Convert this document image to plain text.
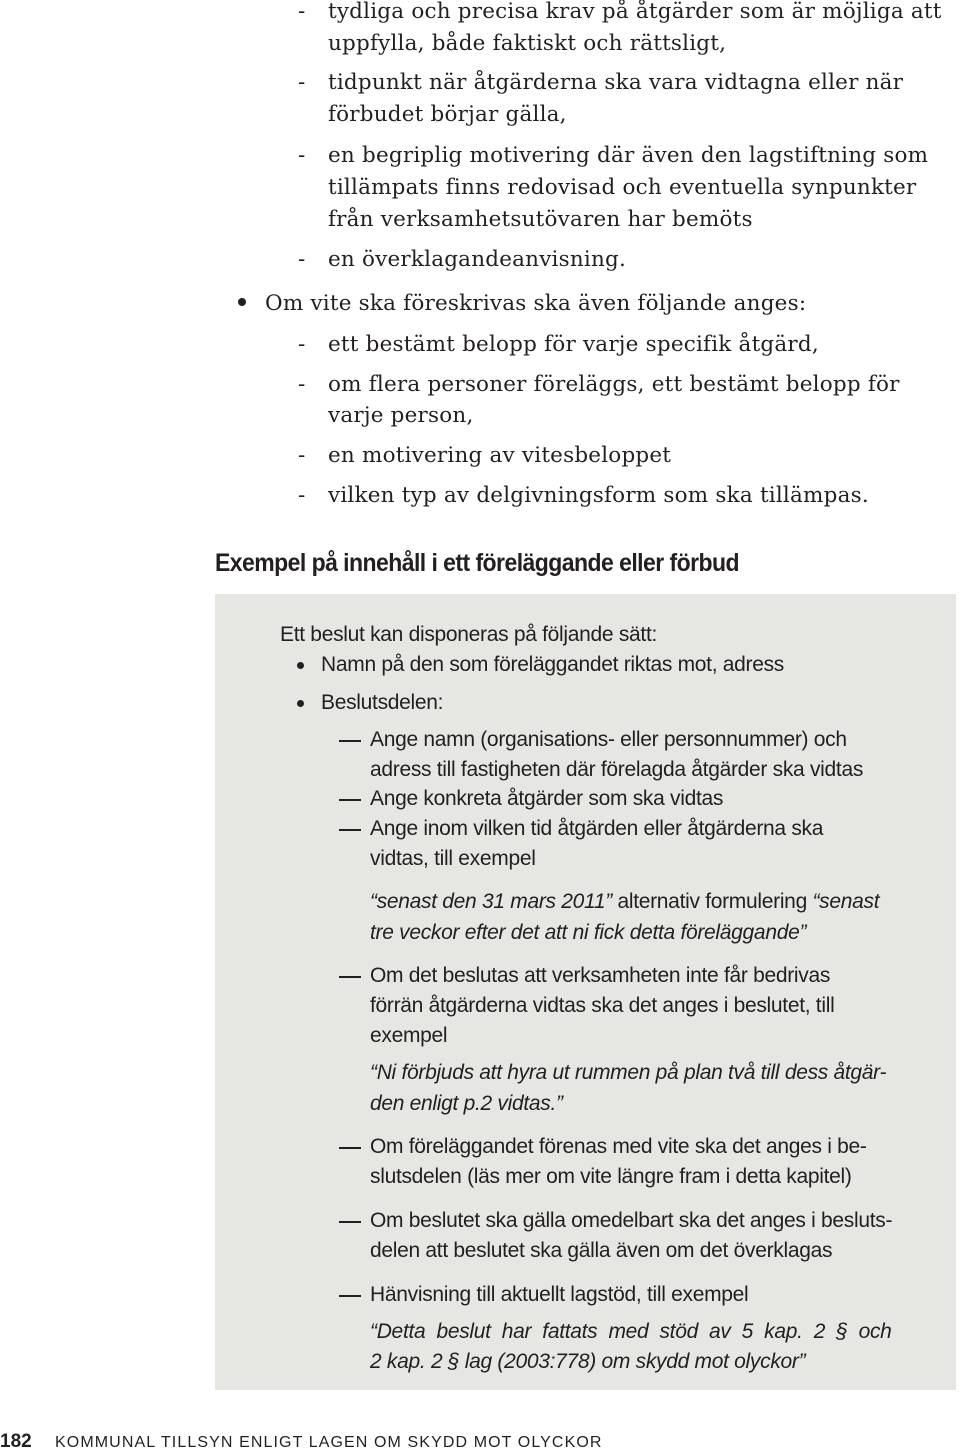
- tydliga och precisa krav på åtgärder som är möjliga att
uppfylla, både faktiskt och rättsligt,
- tidpunkt när åtgärderna ska vara vidtagna eller när
förbudet börjar gälla,
- en begriplig motivering där även den lagstiftning som
tillämpats finns redovisad och eventuella synpunkter
från verksamhetsutövaren har bemöts
- en överklagandeanvisning.
Om vite ska föreskrivas ska även följande anges:
- ett bestämt belopp för varje specifik åtgärd,
- om flera personer föreläggs, ett bestämt belopp för
varje person,
- en motivering av vitesbeloppet
- vilken typ av delgivningsform som ska tillämpas.
Exempel på innehåll i ett föreläggande eller förbud
Ett beslut kan disponeras på följande sätt:
Namn på den som föreläggandet riktas mot, adress
Beslutsdelen:
Ange namn (organisations- eller personnummer) och
adress till fastigheten där förelagda åtgärder ska vidtas
Ange konkreta åtgärder som ska vidtas
Ange inom vilken tid åtgärden eller åtgärderna ska
vidtas, till exempel
“senast den 31 mars 2011” alternativ formulering “senast
tre veckor efter det att ni fick detta föreläggande”
Om det beslutas att verksamheten inte får bedrivas
förrän åtgärderna vidtas ska det anges i beslutet, till
exempel
“Ni förbjuds att hyra ut rummen på plan två till dess åtgär-
den enligt p.2 vidtas.”
Om föreläggandet förenas med vite ska det anges i be-
slutsdelen (läs mer om vite längre fram i detta kapitel)
Om beslutet ska gälla omedelbart ska det anges i besluts-
delen att beslutet ska gälla även om det överklagas
Hänvisning till aktuellt lagstöd, till exempel
“Detta  beslut  har  fattats  med  stöd  av  5  kap.  2  §  och
2 kap. 2 § lag (2003:778) om skydd mot olyckor”
182 KOMMUNAL TILLSYN ENLIGT LAGEN OM SKYDD MOT OLYCKOR
